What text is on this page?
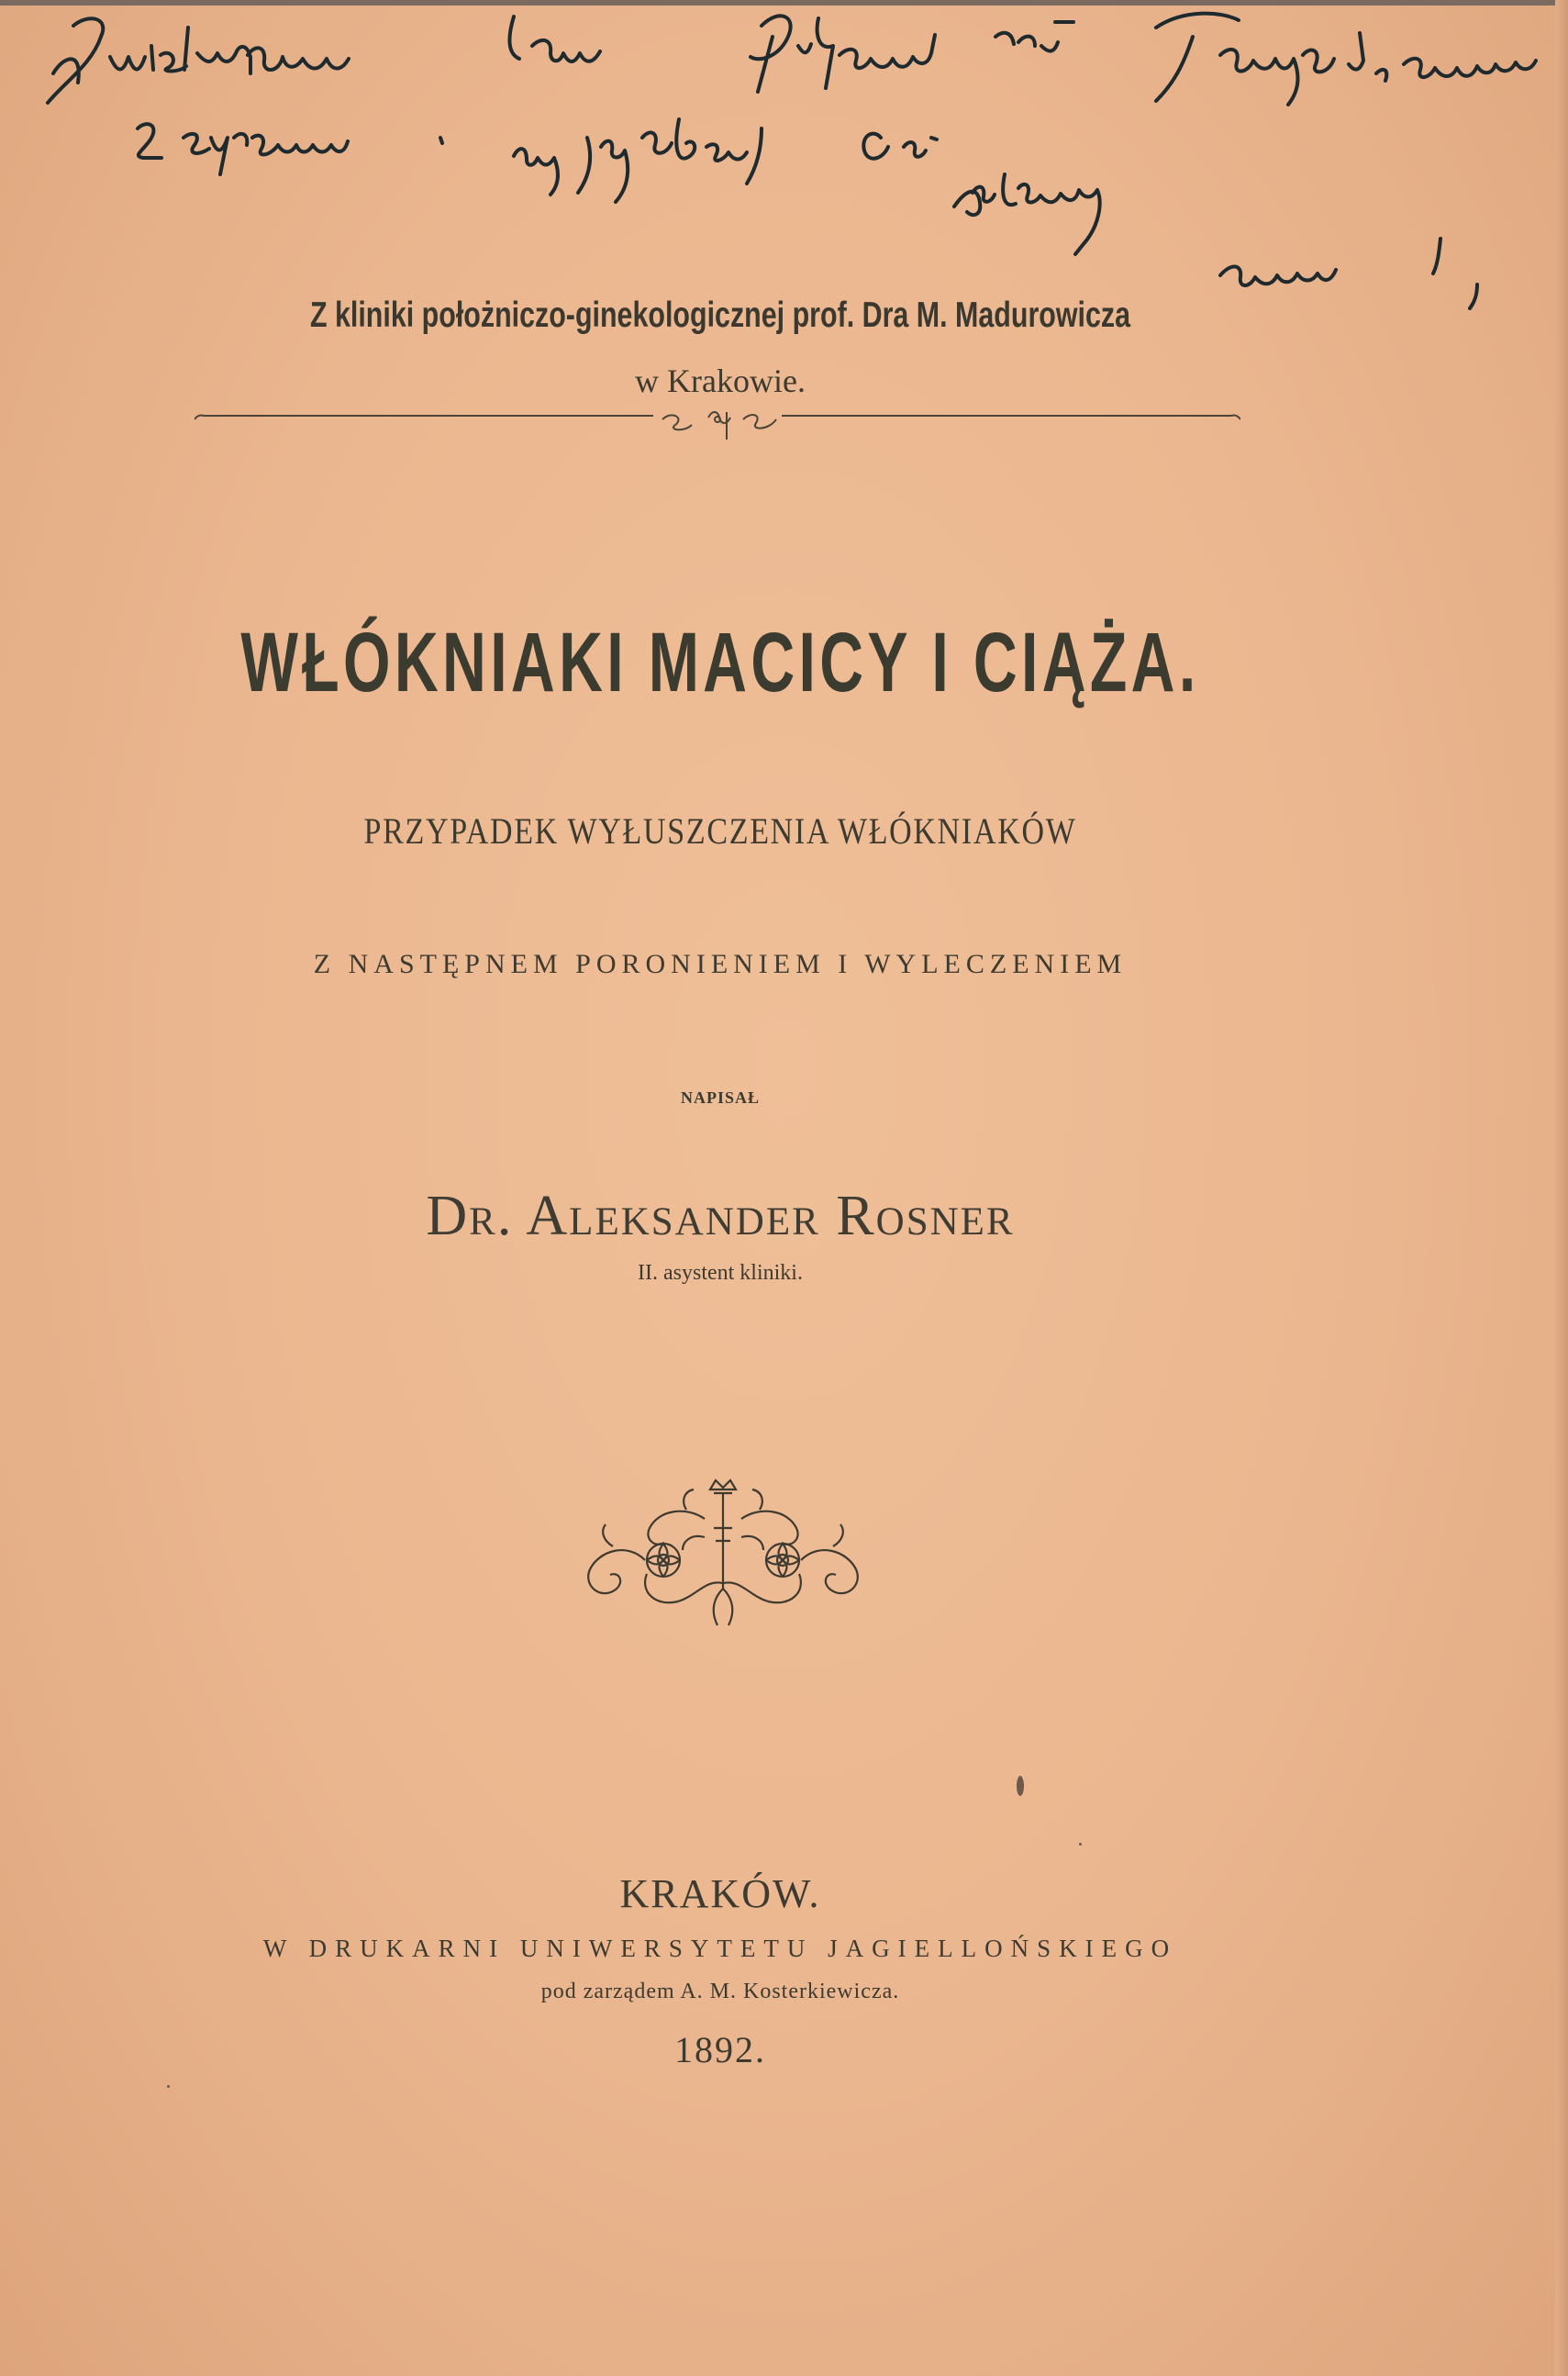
Z kliniki położniczo-ginekologicznej prof. Dra M. Madurowicza
w Krakowie.
WŁÓKNIAKI MACICY I CIĄŻA.
PRZYPADEK WYŁUSZCZENIA WŁÓKNIAKÓW
Z NASTĘPNEM PORONIENIEM I WYLECZENIEM
NAPISAŁ
Dr. Aleksander Rosner
II. asystent kliniki.
KRAKÓW.
W DRUKARNI UNIWERSYTETU JAGIELLOŃSKIEGO
pod zarządem A. M. Kosterkiewicza.
1892.
